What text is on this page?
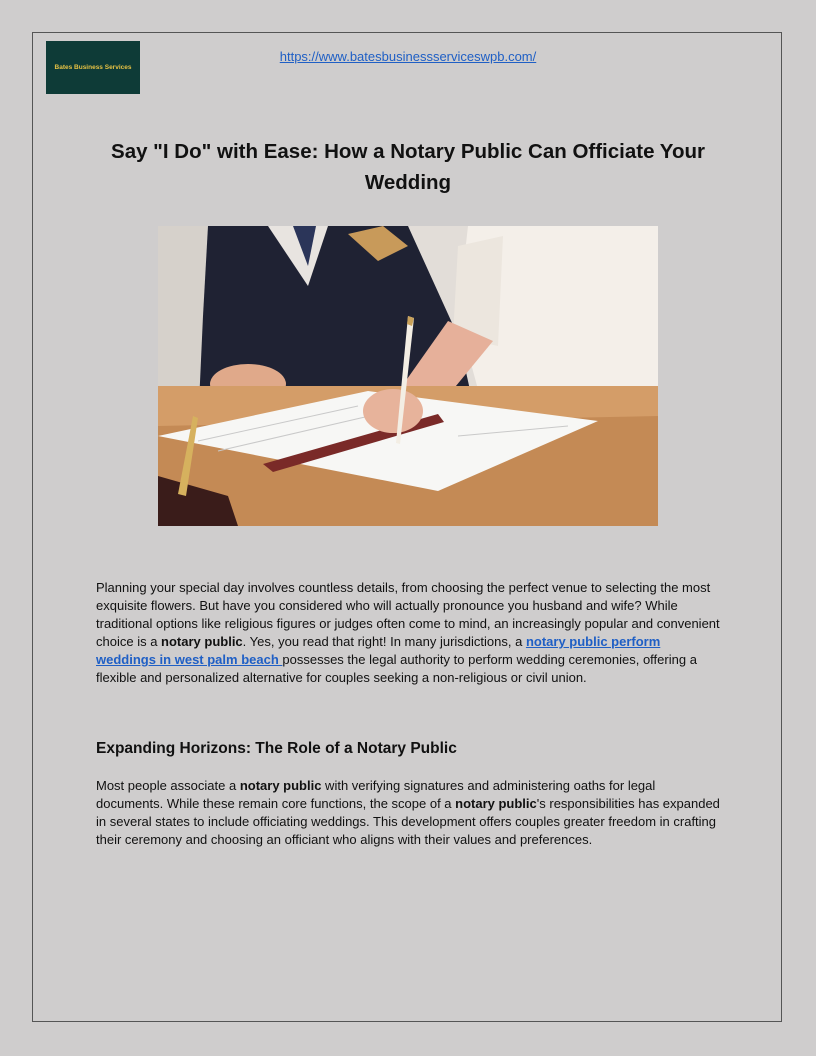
Bates Business Services
https://www.batesbusinessserviceswpb.com/
Say "I Do" with Ease: How a Notary Public Can Officiate Your
Wedding

Planning your special day involves countless details, from choosing the perfect venue to selecting the most exquisite flowers. But have you considered who will actually pronounce you husband and wife? While traditional options like religious figures or judges often come to mind, an increasingly popular and convenient choice is a notary public. Yes, you read that right! In many jurisdictions, a notary public perform weddings in west palm beach possesses the legal authority to perform wedding ceremonies, offering a flexible and personalized alternative for couples seeking a non-religious or civil union.

Expanding Horizons: The Role of a Notary Public

Most people associate a notary public with verifying signatures and administering oaths for legal documents. While these remain core functions, the scope of a notary public's responsibilities has expanded in several states to include officiating weddings. This development offers couples greater freedom in crafting their ceremony and choosing an officiant who aligns with their values and preferences.
